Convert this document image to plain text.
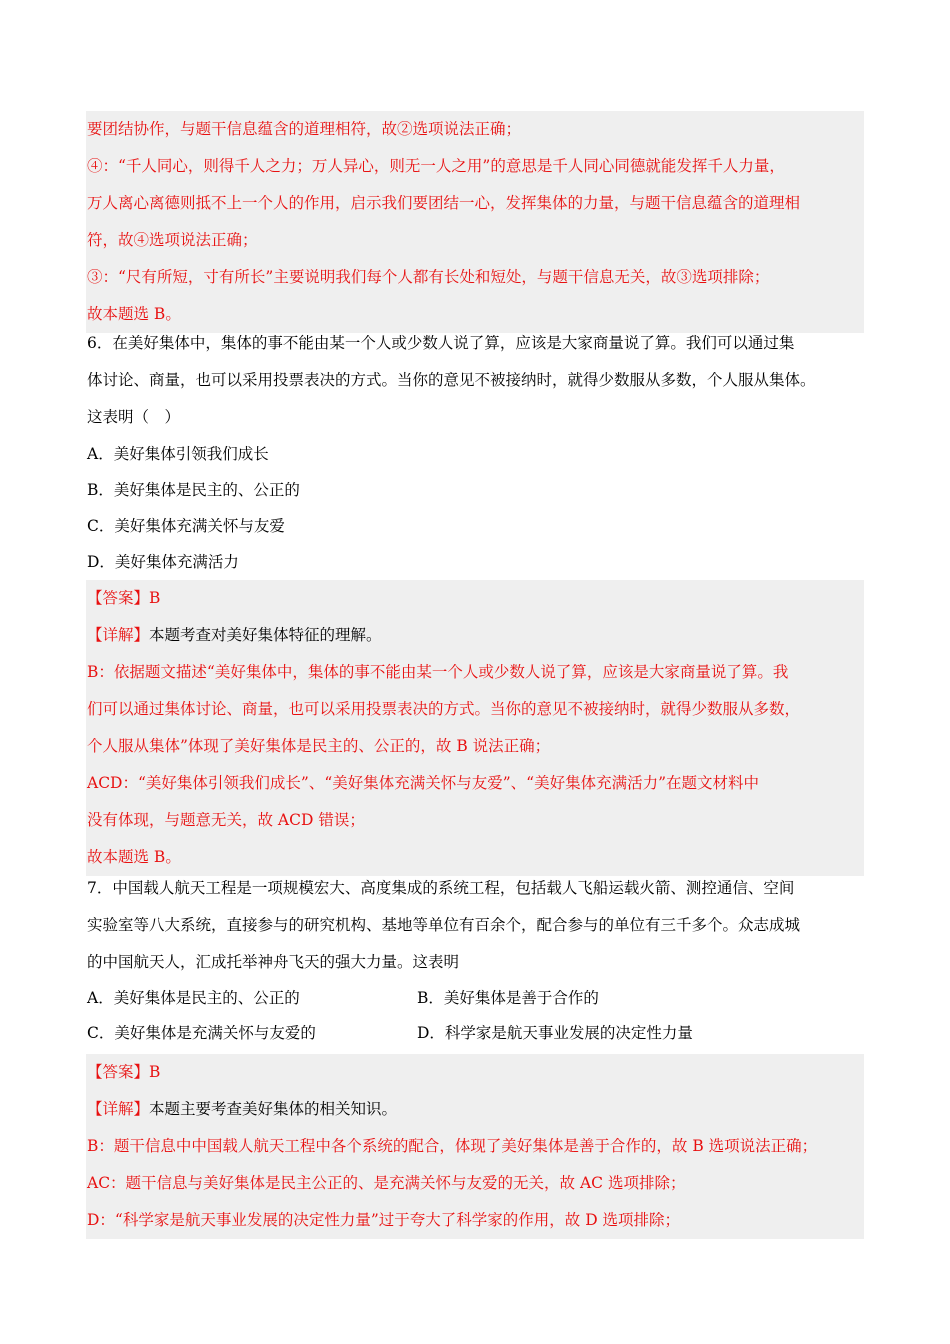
要团结协作，与题干信息蕴含的道理相符，故②选项说法正确；
④：“千人同心，则得千人之力；万人异心，则无一人之用”的意思是千人同心同德就能发挥千人力量，
万人离心离德则抵不上一个人的作用，启示我们要团结一心，发挥集体的力量，与题干信息蕴含的道理相
符，故④选项说法正确；
③：“尺有所短，寸有所长”主要说明我们每个人都有长处和短处，与题干信息无关，故③选项排除；
故本题选 B。
6．在美好集体中，集体的事不能由某一个人或少数人说了算，应该是大家商量说了算。我们可以通过集
体讨论、商量，也可以采用投票表决的方式。当你的意见不被接纳时，就得少数服从多数，个人服从集体。
这表明（　）
A．美好集体引领我们成长
B．美好集体是民主的、公正的
C．美好集体充满关怀与友爱
D．美好集体充满活力
【答案】B
【详解】本题考查对美好集体特征的理解。
B：依据题文描述“美好集体中，集体的事不能由某一个人或少数人说了算，应该是大家商量说了算。我
们可以通过集体讨论、商量，也可以采用投票表决的方式。当你的意见不被接纳时，就得少数服从多数，
个人服从集体”体现了美好集体是民主的、公正的，故 B 说法正确；
ACD：“美好集体引领我们成长”、“美好集体充满关怀与友爱”、“美好集体充满活力”在题文材料中
没有体现，与题意无关，故 ACD 错误；
故本题选 B。
7．中国载人航天工程是一项规模宏大、高度集成的系统工程，包括载人飞船运载火箭、测控通信、空间
实验室等八大系统，直接参与的研究机构、基地等单位有百余个，配合参与的单位有三千多个。众志成城
的中国航天人，汇成托举神舟飞天的强大力量。这表明
A．美好集体是民主的、公正的	B．美好集体是善于合作的
C．美好集体是充满关怀与友爱的	D．科学家是航天事业发展的决定性力量
【答案】B
【详解】本题主要考查美好集体的相关知识。
B：题干信息中中国载人航天工程中各个系统的配合，体现了美好集体是善于合作的，故 B 选项说法正确；
AC：题干信息与美好集体是民主公正的、是充满关怀与友爱的无关，故 AC 选项排除；
D：“科学家是航天事业发展的决定性力量”过于夸大了科学家的作用，故 D 选项排除；
